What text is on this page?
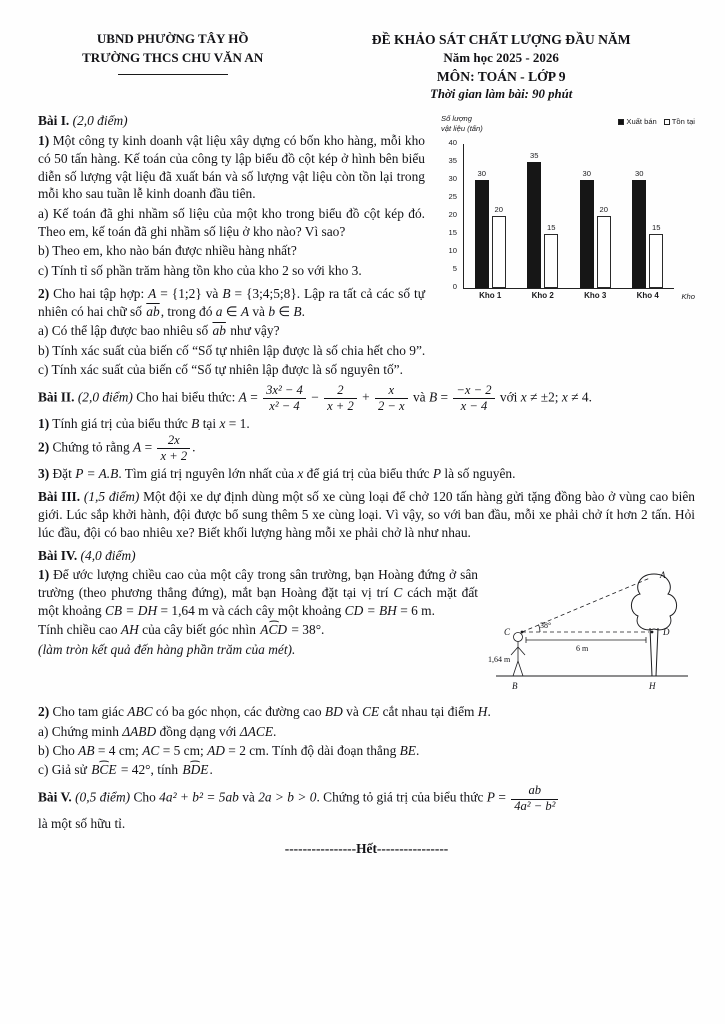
UBND PHƯỜNG TÂY HỒ
TRƯỜNG THCS CHU VĂN AN
ĐỀ KHẢO SÁT CHẤT LƯỢNG ĐẦU NĂM
Năm học 2025 - 2026
MÔN: TOÁN - LỚP 9
Thời gian làm bài: 90 phút
Số lượng
vật liệu (tấn)
Xuất bán Tồn tại
0
5
10
15
20
25
30
35
40
30
20
Kho 1
35
15
Kho 2
30
20
Kho 3
30
15
Kho 4	Kho
Bài I. (2,0 điểm)
1) Một công ty kinh doanh vật liệu xây dựng có bốn kho hàng, mỗi kho có 50 tấn hàng. Kế toán của công ty lập biểu đồ cột kép ở hình bên biểu diễn số lượng vật liệu đã xuất bán và số lượng vật liệu còn tồn lại trong mỗi kho sau tuần lễ kinh doanh đầu tiên.
a) Kế toán đã ghi nhầm số liệu của một kho trong biểu đồ cột kép đó. Theo em, kế toán đã ghi nhầm số liệu ở kho nào? Vì sao?
b) Theo em, kho nào bán được nhiều hàng nhất?
c) Tính tỉ số phần trăm hàng tồn kho của kho 2 so với kho 3.
2) Cho hai tập hợp: A = {1;2} và B = {3;4;5;8}. Lập ra tất cả các số tự nhiên có hai chữ số $\overline{ab}$, trong đó a ∈ A và b ∈ B.
a) Có thể lập được bao nhiêu số $\overline{ab}$ như vậy?
b) Tính xác suất của biến cố “Số tự nhiên lập được là số chia hết cho 9”.
c) Tính xác suất của biến cố “Số tự nhiên lập được là số nguyên tố”.
Bài II. (2,0 điểm) Cho hai biểu thức: $A = \frac{\text{3x² − 4}}{\text{x² − 4}} - \frac{2}{x + 2} + \frac{x}{2 - x}$ và $B = \frac{-x - 2}{x - 4}$ với x ≠ ±2; x ≠ 4.
1) Tính giá trị của biểu thức B tại x = 1.
2) Chứng tỏ rằng $A = \frac{2x}{x + 2}$ .
3) Đặt P = A.B. Tìm giá trị nguyên lớn nhất của x để giá trị của biểu thức P là số nguyên.
Bài III. (1,5 điểm) Một đội xe dự định dùng một số xe cùng loại để chở 120 tấn hàng gửi tặng đồng bào ở vùng cao biên giới. Lúc sắp khởi hành, đội được bổ sung thêm 5 xe cùng loại. Vì vậy, so với ban đầu, mỗi xe phải chở ít hơn 2 tấn. Hỏi lúc đầu, đội có bao nhiêu xe? Biết khối lượng hàng mỗi xe phải chở là như nhau.
Bài IV. (4,0 điểm)
A
C	D
B	H
38°
1,64 m
6 m
1) Để ước lượng chiều cao của một cây trong sân trường, bạn Hoàng đứng ở sân trường (theo phương thẳng đứng), mắt bạn Hoàng đặt tại vị trí C cách mặt đất một khoảng CB = DH = 1,64 m và cách cây một khoảng CD = BH = 6 m.
Tính chiều cao AH của cây biết góc nhìn ⌢ ACD = 38°.
(làm tròn kết quả đến hàng phần trăm của mét).
2) Cho tam giác ABC có ba góc nhọn, các đường cao BD và CE cắt nhau tại điểm H.
a) Chứng minh ΔABD đồng dạng với ΔACE.
b) Cho AB = 4 cm; AC = 5 cm; AD = 2 cm. Tính độ dài đoạn thẳng BE.
c) Giả sử ⌢ BCE = 42°, tính ⌢ BDE.
Bài V. (0,5 điểm) Cho 4a² + b² = 5ab và 2a > b > 0. Chứng tỏ giá trị của biểu thức $P = \frac{ab}{\text{4a² − b²}}$
là một số hữu tỉ.
----------------Hết----------------
